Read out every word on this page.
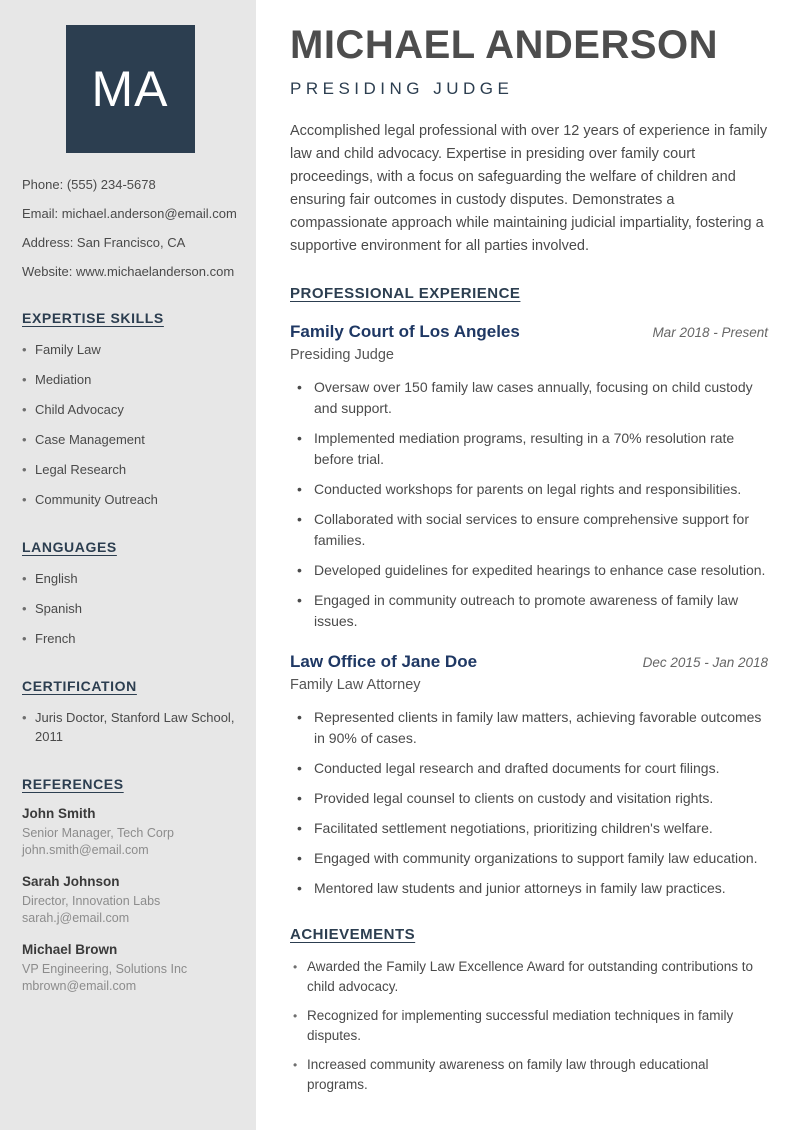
MA

Phone: (555) 234-5678

Email: michael.anderson@email.com

Address: San Francisco, CA

Website: www.michaelanderson.com

EXPERTISE SKILLS
• Family Law
• Mediation
• Child Advocacy
• Case Management
• Legal Research
• Community Outreach
LANGUAGES
• English
• Spanish
• French
CERTIFICATION
• Juris Doctor, Stanford Law School, 2011
REFERENCES
John Smith

Senior Manager, Tech Corp

john.smith@email.com

Sarah Johnson

Director, Innovation Labs

sarah.j@email.com

Michael Brown

VP Engineering, Solutions Inc

mbrown@email.com

MICHAEL ANDERSON
PRESIDING JUDGE

Accomplished legal professional with over 12 years of experience in family law and child advocacy. Expertise in presiding over family court proceedings, with a focus on safeguarding the welfare of children and ensuring fair outcomes in custody disputes. Demonstrates a compassionate approach while maintaining judicial impartiality, fostering a supportive environment for all parties involved.

PROFESSIONAL EXPERIENCE
Family Court of Los Angeles	Mar 2018 - Present
Presiding Judge
• Oversaw over 150 family law cases annually, focusing on child custody and support.
• Implemented mediation programs, resulting in a 70% resolution rate before trial.
• Conducted workshops for parents on legal rights and responsibilities.
• Collaborated with social services to ensure comprehensive support for families.
• Developed guidelines for expedited hearings to enhance case resolution.
• Engaged in community outreach to promote awareness of family law issues.
Law Office of Jane Doe	Dec 2015 - Jan 2018
Family Law Attorney
• Represented clients in family law matters, achieving favorable outcomes in 90% of cases.
• Conducted legal research and drafted documents for court filings.
• Provided legal counsel to clients on custody and visitation rights.
• Facilitated settlement negotiations, prioritizing children's welfare.
• Engaged with community organizations to support family law education.
• Mentored law students and junior attorneys in family law practices.
ACHIEVEMENTS
• Awarded the Family Law Excellence Award for outstanding contributions to child advocacy.
• Recognized for implementing successful mediation techniques in family disputes.
• Increased community awareness on family law through educational programs.
